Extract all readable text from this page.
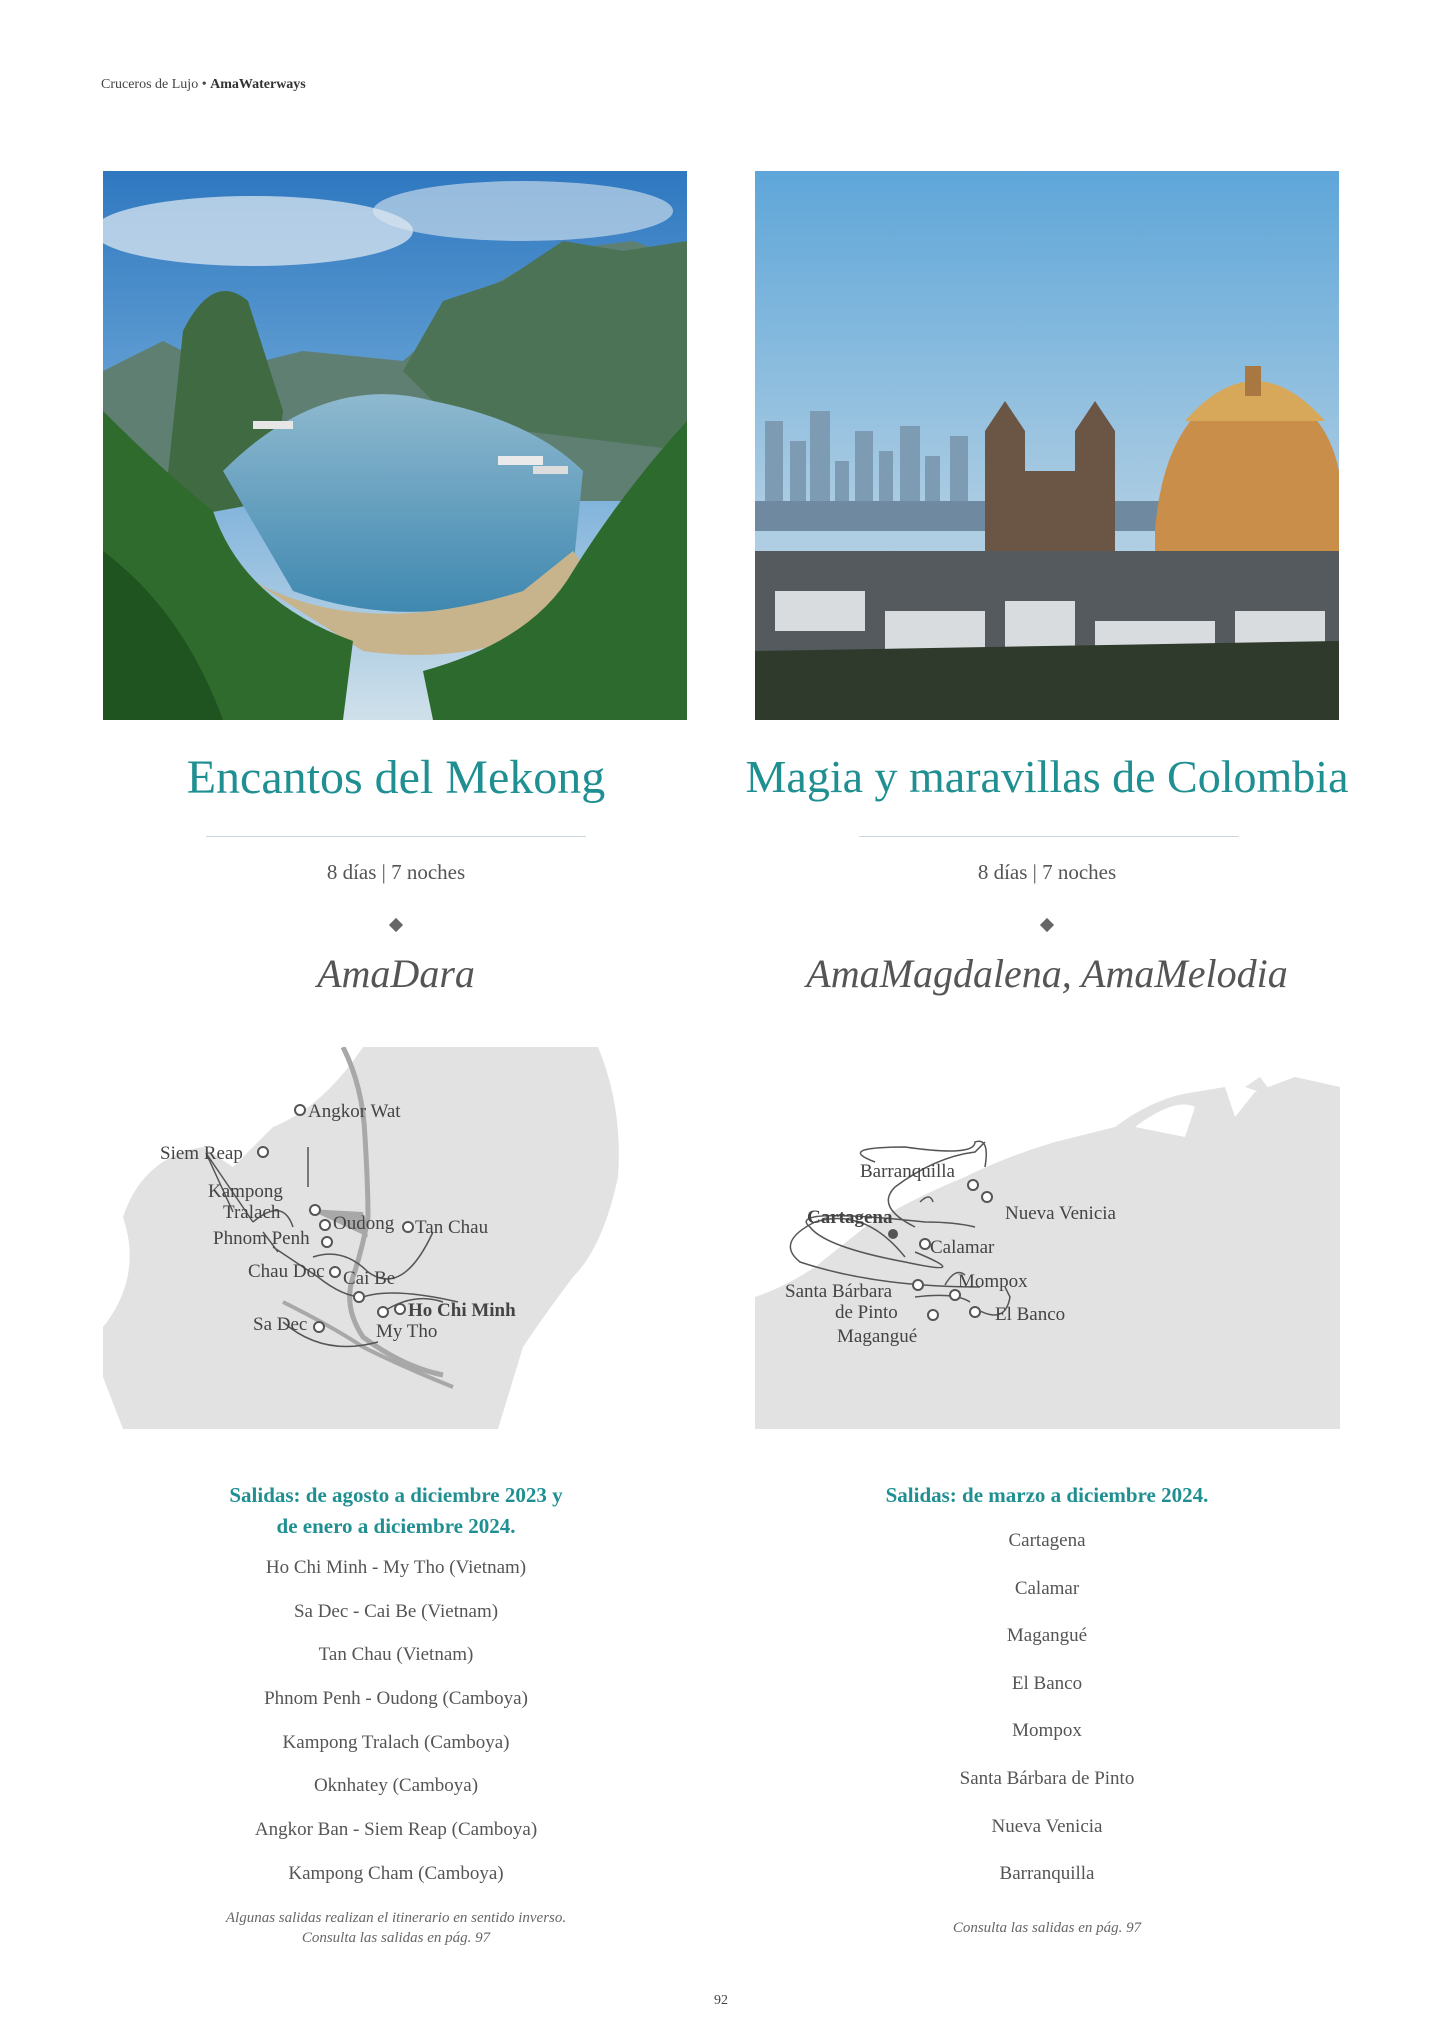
Cruceros de Lujo • AmaWaterways
Encantos del Mekong
8 días | 7 noches
AmaDara
Angkor Wat
Siem Reap
Kampong
Tralach
Oudong
Phnom Penh
Tan Chau
Chau Doc Cai Be
Ho Chi Minh
Sa Dec	My Tho
Salidas: de agosto a diciembre 2023 y
de enero a diciembre 2024.
Ho Chi Minh - My Tho (Vietnam)
Sa Dec - Cai Be (Vietnam)
Tan Chau (Vietnam)
Phnom Penh - Oudong (Camboya)
Kampong Tralach (Camboya)
Oknhatey (Camboya)
Angkor Ban - Siem Reap (Camboya)
Kampong Cham (Camboya)
Algunas salidas realizan el itinerario en sentido inverso.
Consulta las salidas en pág. 97
Magia y maravillas de Colombia
8 días | 7 noches
AmaMagdalena, AmaMelodia
Barranquilla
Nueva Venicia
Cartagena
Calamar
Mompox
Santa Bárbara
de Pinto	El Banco
Magangué
Salidas: de marzo a diciembre 2024.
Cartagena
Calamar
Magangué
El Banco
Mompox
Santa Bárbara de Pinto
Nueva Venicia
Barranquilla
Consulta las salidas en pág. 97
92
